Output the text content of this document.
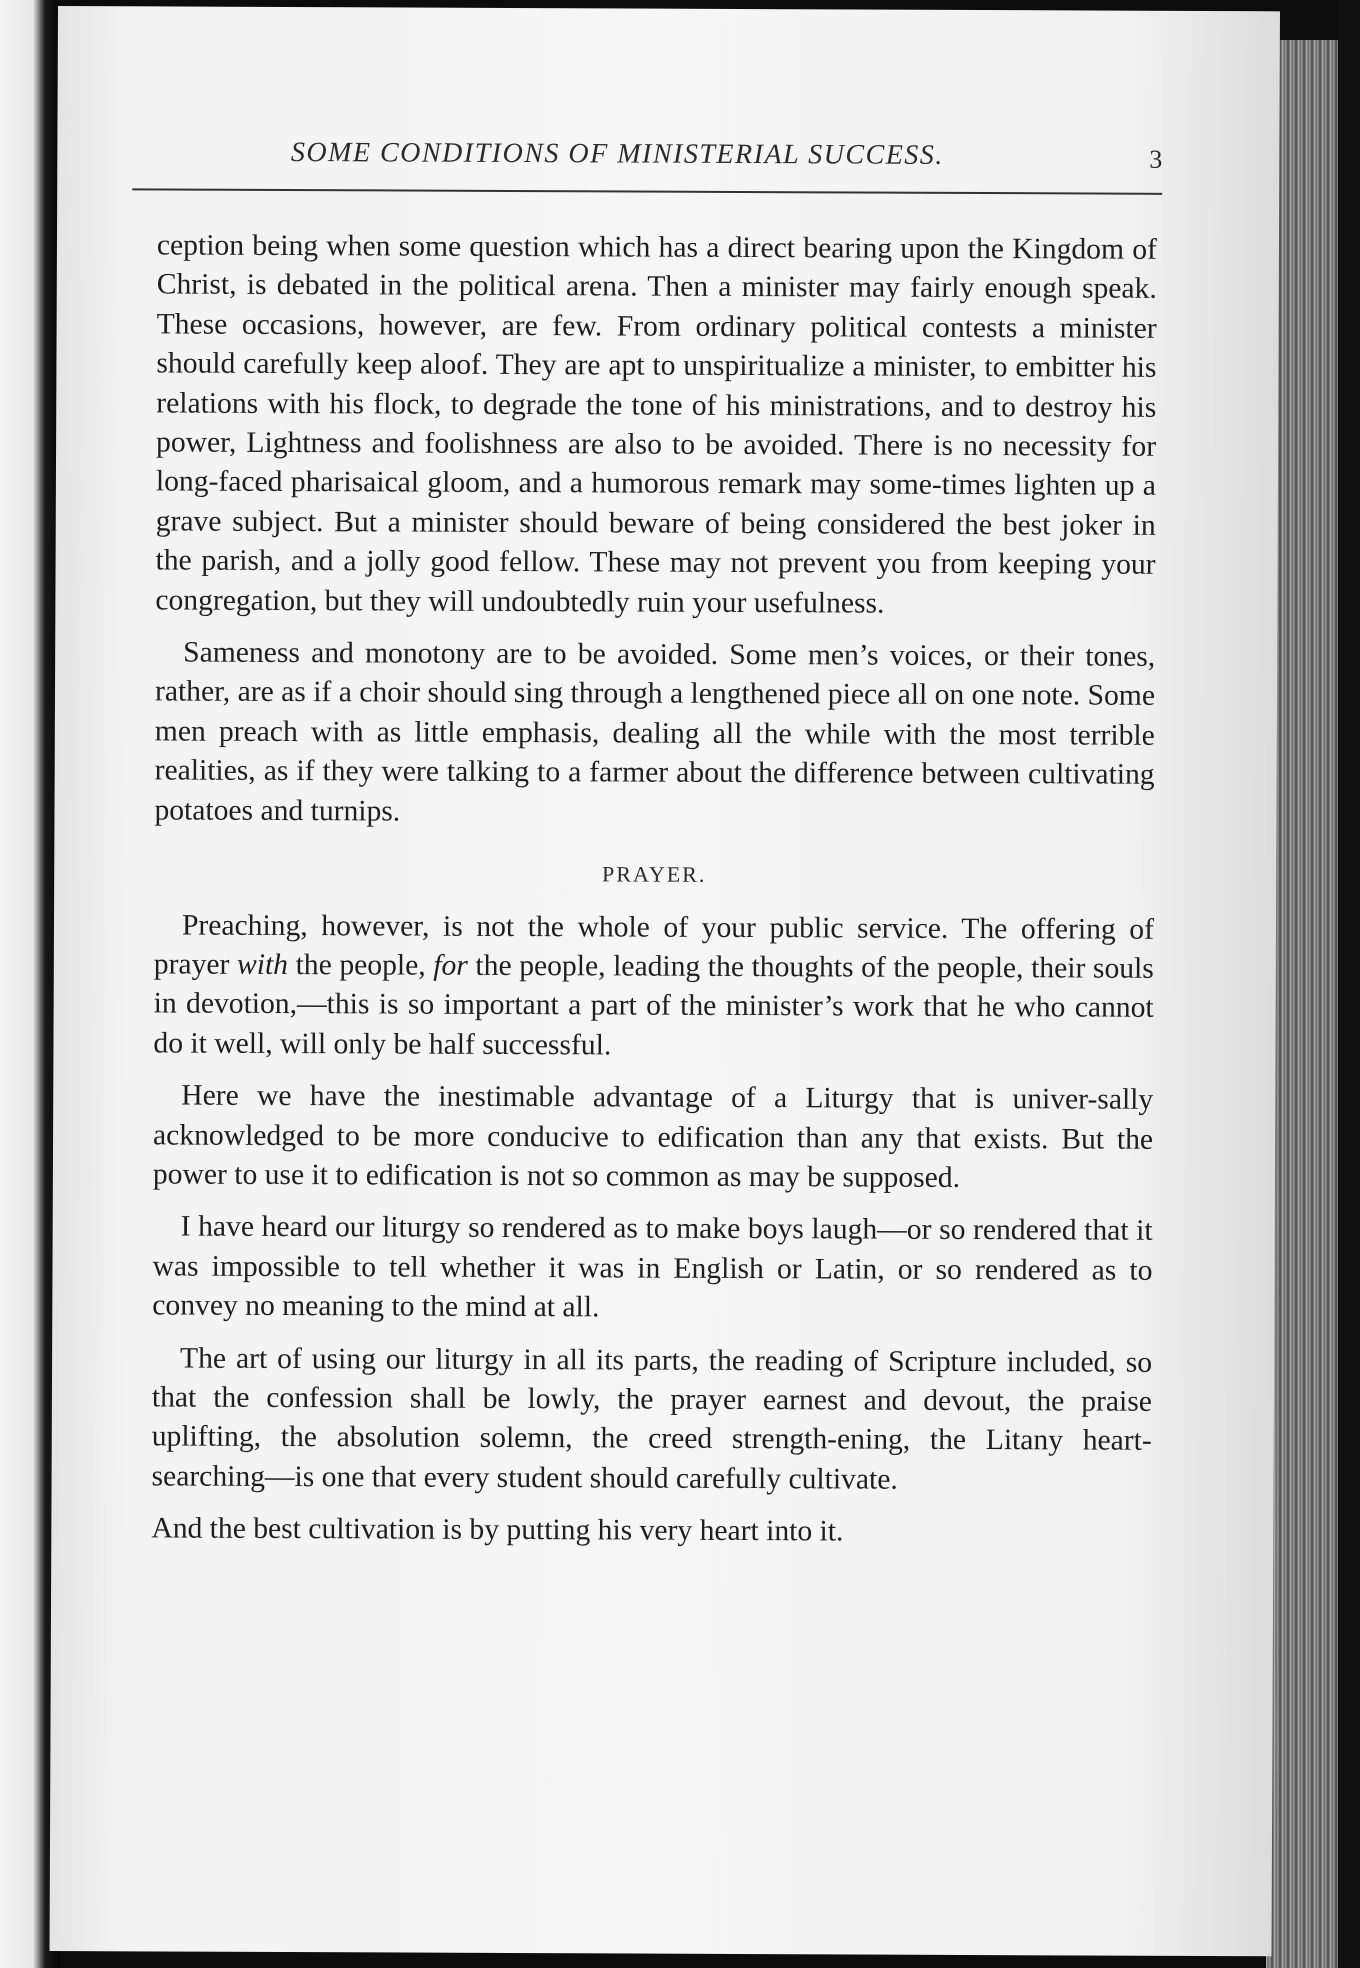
SOME CONDITIONS OF MINISTERIAL SUCCESS.	3

ception being when some question which has a direct bearing upon the Kingdom of Christ, is debated in the political arena. Then a minister may fairly enough speak. These occasions, however, are few. From ordinary political contests a minister should carefully keep aloof. They are apt to unspiritualize a minister, to embitter his relations with his flock, to degrade the tone of his ministrations, and to destroy his power, Lightness and foolishness are also to be avoided. There is no necessity for long-faced pharisaical gloom, and a humorous remark may some-times lighten up a grave subject. But a minister should beware of being considered the best joker in the parish, and a jolly good fellow. These may not prevent you from keeping your congregation, but they will undoubtedly ruin your usefulness.

Sameness and monotony are to be avoided. Some men’s voices, or their tones, rather, are as if a choir should sing through a lengthened piece all on one note. Some men preach with as little emphasis, dealing all the while with the most terrible realities, as if they were talking to a farmer about the difference between cultivating potatoes and turnips.

PRAYER.

Preaching, however, is not the whole of your public service. The offering of prayer with the people, for the people, leading the thoughts of the people, their souls in devotion,—this is so important a part of the minister’s work that he who cannot do it well, will only be half successful.

Here we have the inestimable advantage of a Liturgy that is univer-sally acknowledged to be more conducive to edification than any that exists. But the power to use it to edification is not so common as may be supposed.

I have heard our liturgy so rendered as to make boys laugh—or so rendered that it was impossible to tell whether it was in English or Latin, or so rendered as to convey no meaning to the mind at all.

The art of using our liturgy in all its parts, the reading of Scripture included, so that the confession shall be lowly, the prayer earnest and devout, the praise uplifting, the absolution solemn, the creed strength-ening, the Litany heart-searching—is one that every student should carefully cultivate.

And the best cultivation is by putting his very heart into it.
